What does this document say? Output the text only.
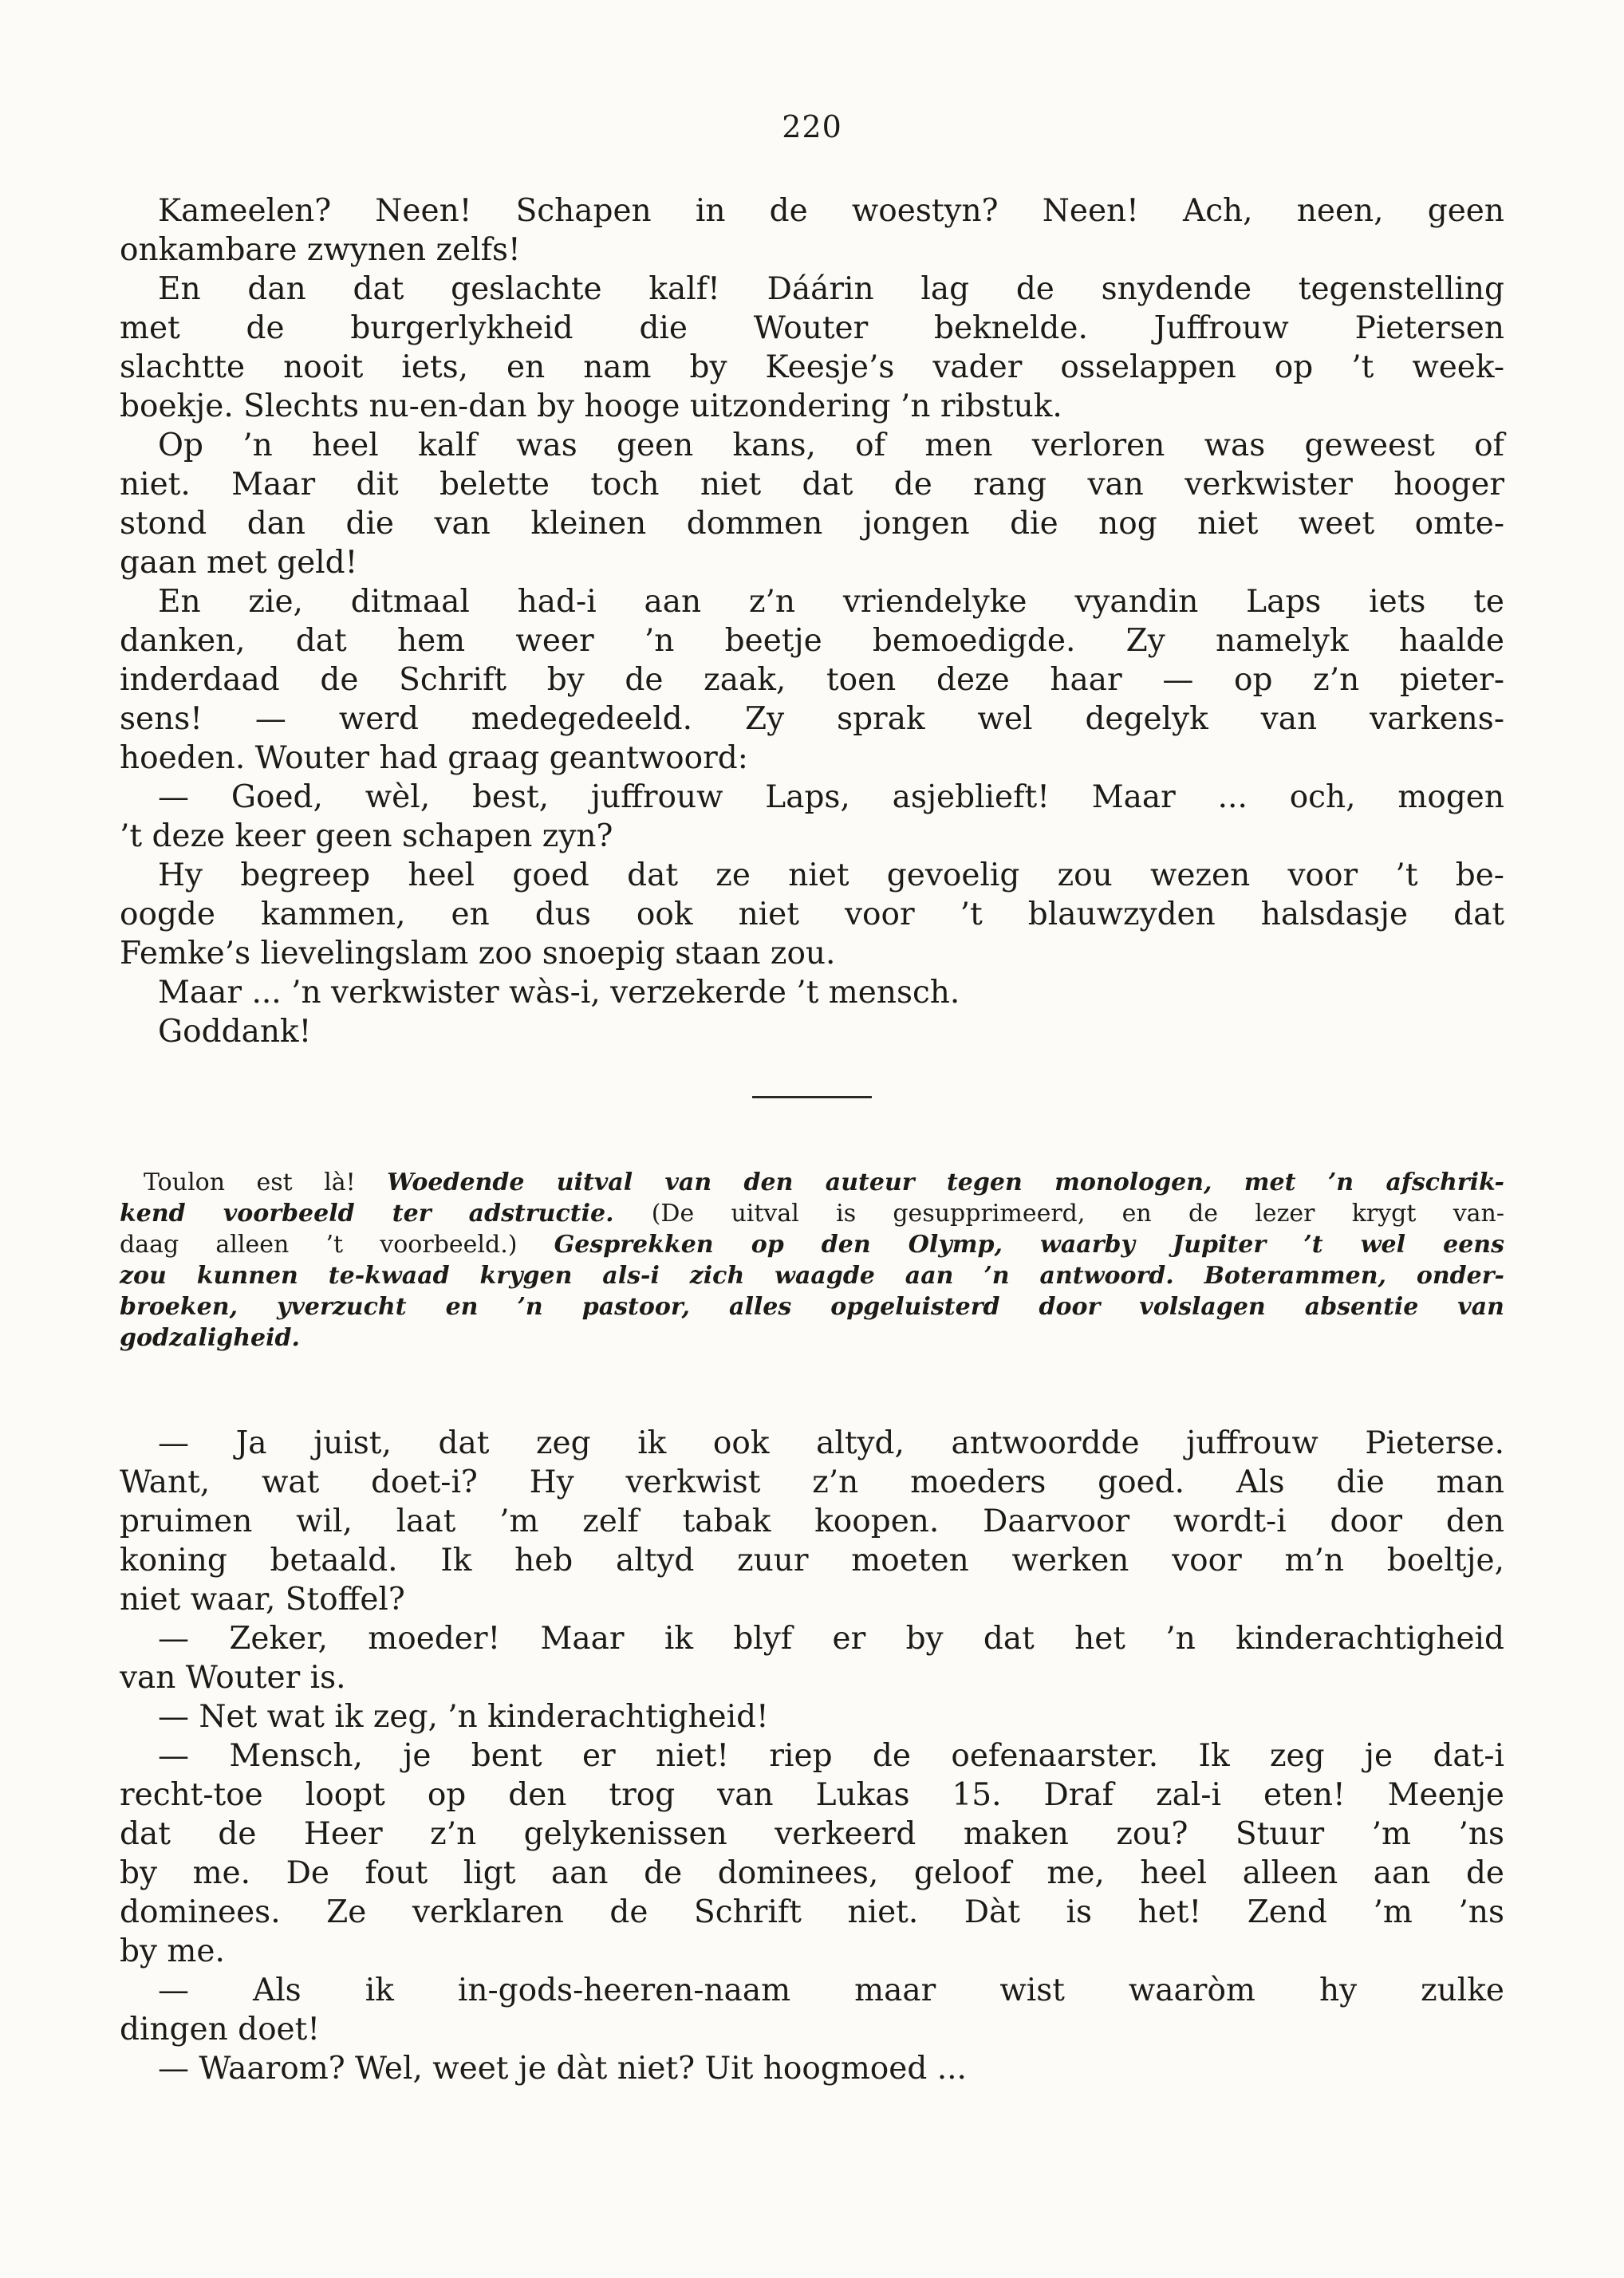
220
Kameelen? Neen! Schapen in de woestyn? Neen! Ach, neen, geen
onkambare zwynen zelfs!
En dan dat geslachte kalf! Dáárin lag de snydende tegenstelling
met de burgerlykheid die Wouter beknelde. Juffrouw Pietersen
slachtte nooit iets, en nam by Keesje’s vader osselappen op ’t week-
boekje. Slechts nu-en-dan by hooge uitzondering ’n ribstuk.
Op ’n heel kalf was geen kans, of men verloren was geweest of
niet. Maar dit belette toch niet dat de rang van verkwister hooger
stond dan die van kleinen dommen jongen die nog niet weet omte-
gaan met geld!
En zie, ditmaal had-i aan z’n vriendelyke vyandin Laps iets te
danken, dat hem weer ’n beetje bemoedigde. Zy namelyk haalde
inderdaad de Schrift by de zaak, toen deze haar — op z’n pieter-
sens! — werd medegedeeld. Zy sprak wel degelyk van varkens-
hoeden. Wouter had graag geantwoord:
— Goed, wèl, best, juffrouw Laps, asjeblieft! Maar ... och, mogen
’t deze keer geen schapen zyn?
Hy begreep heel goed dat ze niet gevoelig zou wezen voor ’t be-
oogde kammen, en dus ook niet voor ’t blauwzyden halsdasje dat
Femke’s lievelingslam zoo snoepig staan zou.
Maar ... ’n verkwister wàs-i, verzekerde ’t mensch.
Goddank!
Toulon est là! Woedende uitval van den auteur tegen monologen, met ’n afschrik-
kend voorbeeld ter adstructie. (De uitval is gesupprimeerd, en de lezer krygt van-
daag alleen ’t voorbeeld.) Gesprekken op den Olymp, waarby Jupiter ’t wel eens
zou kunnen te-kwaad krygen als-i zich waagde aan ’n antwoord. Boterammen, onder-
broeken, yverzucht en ’n pastoor, alles opgeluisterd door volslagen absentie van
godzaligheid.
— Ja juist, dat zeg ik ook altyd, antwoordde juffrouw Pieterse.
Want, wat doet-i? Hy verkwist z’n moeders goed. Als die man
pruimen wil, laat ’m zelf tabak koopen. Daarvoor wordt-i door den
koning betaald. Ik heb altyd zuur moeten werken voor m’n boeltje,
niet waar, Stoffel?
— Zeker, moeder! Maar ik blyf er by dat het ’n kinderachtigheid
van Wouter is.
— Net wat ik zeg, ’n kinderachtigheid!
— Mensch, je bent er niet! riep de oefenaarster. Ik zeg je dat-i
recht-toe loopt op den trog van Lukas 15. Draf zal-i eten! Meenje
dat de Heer z’n gelykenissen verkeerd maken zou? Stuur ’m ’ns
by me. De fout ligt aan de dominees, geloof me, heel alleen aan de
dominees. Ze verklaren de Schrift niet. Dàt is het! Zend ’m ’ns
by me.
— Als ik in-gods-heeren-naam maar wist waaròm hy zulke
dingen doet!
— Waarom? Wel, weet je dàt niet? Uit hoogmoed ...
